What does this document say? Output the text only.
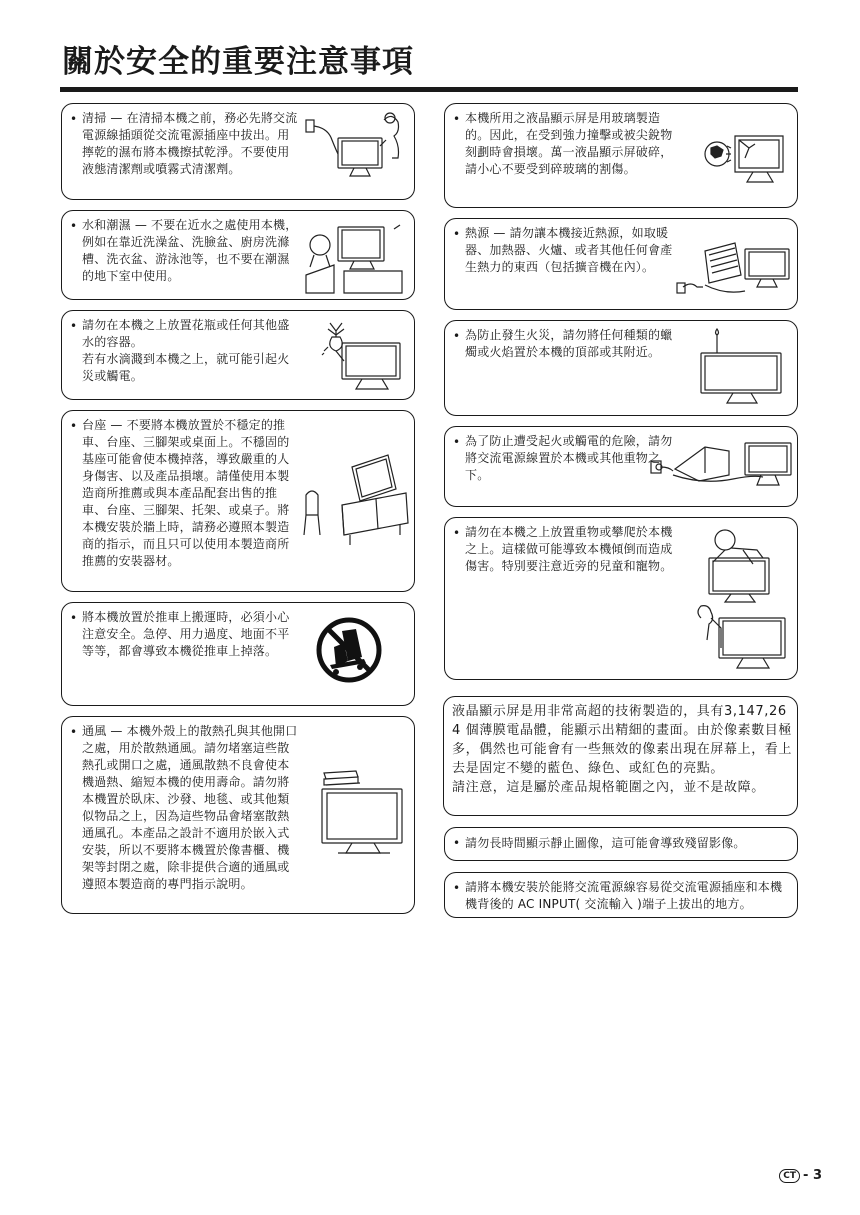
關於安全的重要注意事項
• 清掃 — 在清掃本機之前，務必先將交流電源線插頭從交流電源插座中拔出。用擰乾的濕布將本機擦拭乾淨。不要使用液態清潔劑或噴霧式清潔劑。
• 水和潮濕 — 不要在近水之處使用本機，例如在靠近洗澡盆、洗臉盆、廚房洗滌槽、洗衣盆、游泳池等，也不要在潮濕的地下室中使用。
• 請勿在本機之上放置花瓶或任何其他盛水的容器。
若有水滴濺到本機之上，就可能引起火災或觸電。
• 台座 — 不要將本機放置於不穩定的推車、台座、三腳架或桌面上。不穩固的基座可能會使本機掉落，導致嚴重的人身傷害、以及產品損壞。請僅使用本製造商所推薦或與本產品配套出售的推車、台座、三腳架、托架、或桌子。將本機安裝於牆上時，請務必遵照本製造商的指示，而且只可以使用本製造商所推薦的安裝器材。
• 將本機放置於推車上搬運時，必須小心注意安全。急停、用力過度、地面不平等等，都會導致本機從推車上掉落。
• 通風 — 本機外殼上的散熱孔與其他開口之處，用於散熱通風。請勿堵塞這些散熱孔或開口之處，通風散熱不良會使本機過熱、縮短本機的使用壽命。請勿將本機置於臥床、沙發、地毯、或其他類似物品之上，因為這些物品會堵塞散熱通風孔。本產品之設計不適用於嵌入式安裝，所以不要將本機置於像書櫃、機架等封閉之處，除非提供合適的通風或遵照本製造商的專門指示說明。
• 本機所用之液晶顯示屏是用玻璃製造的。因此，在受到強力撞擊或被尖銳物刻劃時會損壞。萬一液晶顯示屏破碎，請小心不要受到碎玻璃的割傷。
• 熱源 — 請勿讓本機接近熱源，如取暖器、加熱器、火爐、或者其他任何會產生熱力的東西（包括擴音機在內）。
• 為防止發生火災，請勿將任何種類的蠟燭或火焰置於本機的頂部或其附近。
• 為了防止遭受起火或觸電的危險，請勿將交流電源線置於本機或其他重物之下。
• 請勿在本機之上放置重物或攀爬於本機之上。這樣做可能導致本機傾倒而造成傷害。特別要注意近旁的兒童和寵物。
液晶顯示屏是用非常高超的技術製造的，具有3,147,264 個薄膜電晶體，能顯示出精細的畫面。由於像素數目極多，偶然也可能會有一些無效的像素出現在屏幕上，看上去是固定不變的藍色、綠色、或紅色的亮點。
請注意，這是屬於產品規格範圍之內，並不是故障。
• 請勿長時間顯示靜止圖像，這可能會導致殘留影像。
• 請將本機安裝於能將交流電源線容易從交流電源插座和本機機背後的 AC INPUT( 交流輸入 )端子上拔出的地方。
CT - 3
